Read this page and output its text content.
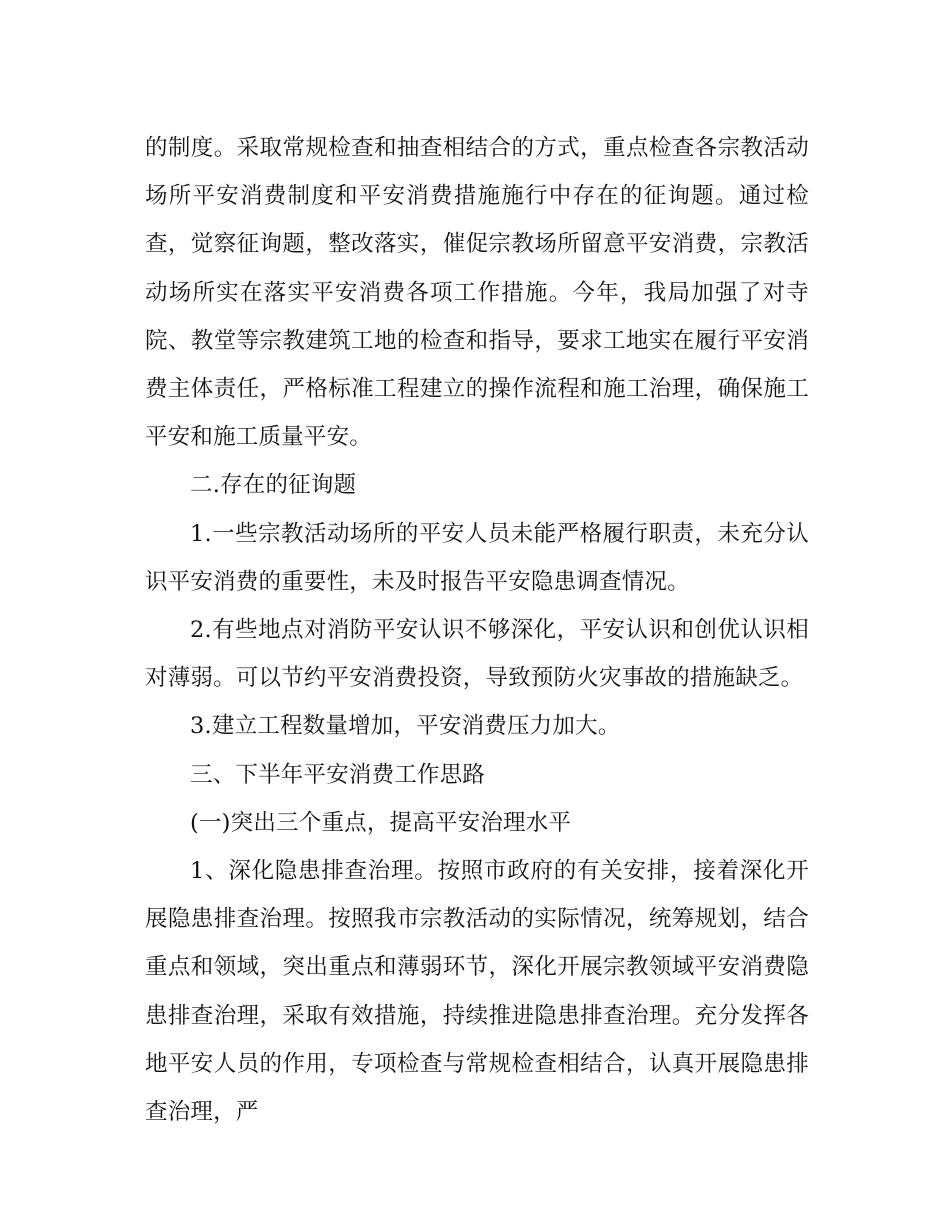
的制度。采取常规检查和抽查相结合的方式，重点检查各宗教活动场所平安消费制度和平安消费措施施行中存在的征询题。通过检查，觉察征询题，整改落实，催促宗教场所留意平安消费，宗教活动场所实在落实平安消费各项工作措施。今年，我局加强了对寺院、教堂等宗教建筑工地的检查和指导，要求工地实在履行平安消费主体责任，严格标准工程建立的操作流程和施工治理，确保施工平安和施工质量平安。

二.存在的征询题

1.一些宗教活动场所的平安人员未能严格履行职责，未充分认识平安消费的重要性，未及时报告平安隐患调查情况。

2.有些地点对消防平安认识不够深化，平安认识和创优认识相对薄弱。可以节约平安消费投资，导致预防火灾事故的措施缺乏。

3.建立工程数量增加，平安消费压力加大。

三、下半年平安消费工作思路

(一)突出三个重点，提高平安治理水平

1、深化隐患排查治理。按照市政府的有关安排，接着深化开展隐患排查治理。按照我市宗教活动的实际情况，统筹规划，结合重点和领域，突出重点和薄弱环节，深化开展宗教领域平安消费隐患排查治理，采取有效措施，持续推进隐患排查治理。充分发挥各地平安人员的作用，专项检查与常规检查相结合，认真开展隐患排查治理，严
